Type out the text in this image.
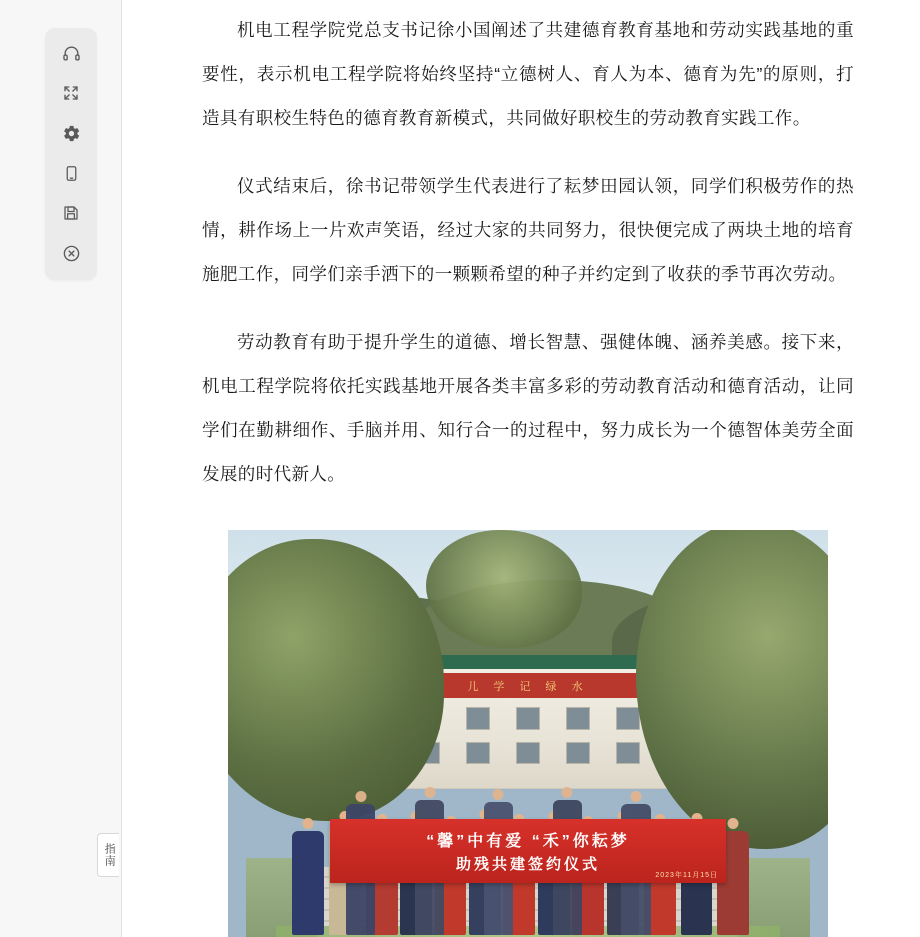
指南

机电工程学院党总支书记徐小国阐述了共建德育教育基地和劳动实践基地的重要性，表示机电工程学院将始终坚持“立德树人、育人为本、德育为先”的原则，打造具有职校生特色的德育教育新模式，共同做好职校生的劳动教育实践工作。

仪式结束后，徐书记带领学生代表进行了耘梦田园认领，同学们积极劳作的热情，耕作场上一片欢声笑语，经过大家的共同努力，很快便完成了两块土地的培育施肥工作，同学们亲手洒下的一颗颗希望的种子并约定到了收获的季节再次劳动。

劳动教育有助于提升学生的道德、增长智慧、强健体魄、涵养美感。接下来，机电工程学院将依托实践基地开展各类丰富多彩的劳动教育活动和德育活动，让同学们在勤耕细作、手脑并用、知行合一的过程中，努力成长为一个德智体美劳全面发展的时代新人。

儿 学 记 绿 水
“馨”中有爱 “禾”你耘梦
助残共建签约仪式
2023年11月15日
